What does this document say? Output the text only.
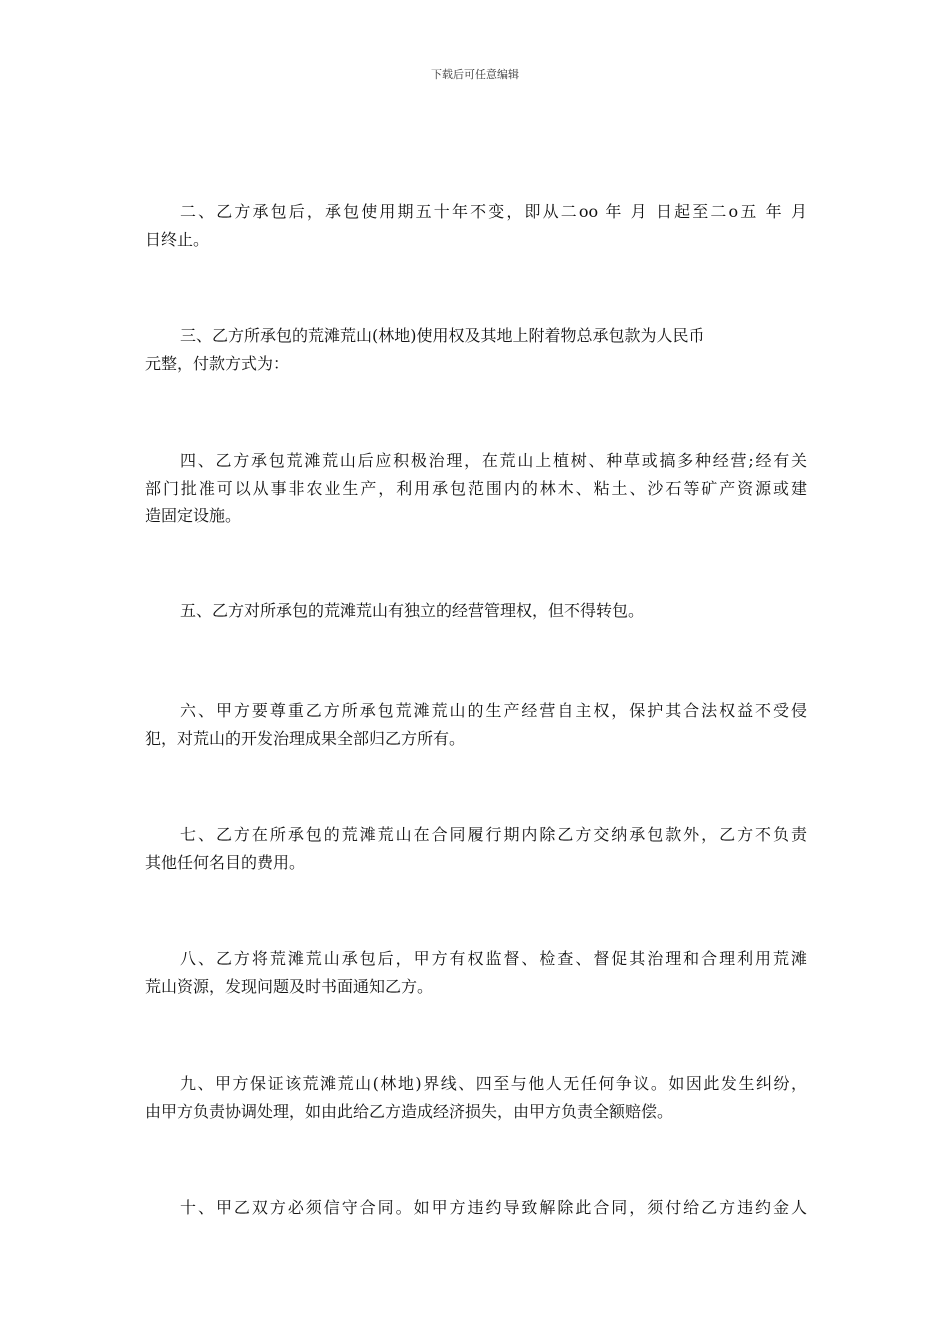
下载后可任意编辑
二、乙方承包后，承包使用期五十年不变，即从二oo 年 月 日起至二o五 年 月
日终止。
三、乙方所承包的荒滩荒山(林地)使用权及其地上附着物总承包款为人民币
元整，付款方式为：
四、乙方承包荒滩荒山后应积极治理，在荒山上植树、种草或搞多种经营;经有关
部门批准可以从事非农业生产，利用承包范围内的林木、粘土、沙石等矿产资源或建
造固定设施。
五、乙方对所承包的荒滩荒山有独立的经营管理权，但不得转包。
六、甲方要尊重乙方所承包荒滩荒山的生产经营自主权，保护其合法权益不受侵
犯，对荒山的开发治理成果全部归乙方所有。
七、乙方在所承包的荒滩荒山在合同履行期内除乙方交纳承包款外，乙方不负责
其他任何名目的费用。
八、乙方将荒滩荒山承包后，甲方有权监督、检查、督促其治理和合理利用荒滩
荒山资源，发现问题及时书面通知乙方。
九、甲方保证该荒滩荒山(林地)界线、四至与他人无任何争议。如因此发生纠纷，
由甲方负责协调处理，如由此给乙方造成经济损失，由甲方负责全额赔偿。
十、甲乙双方必须信守合同。如甲方违约导致解除此合同，须付给乙方违约金人
